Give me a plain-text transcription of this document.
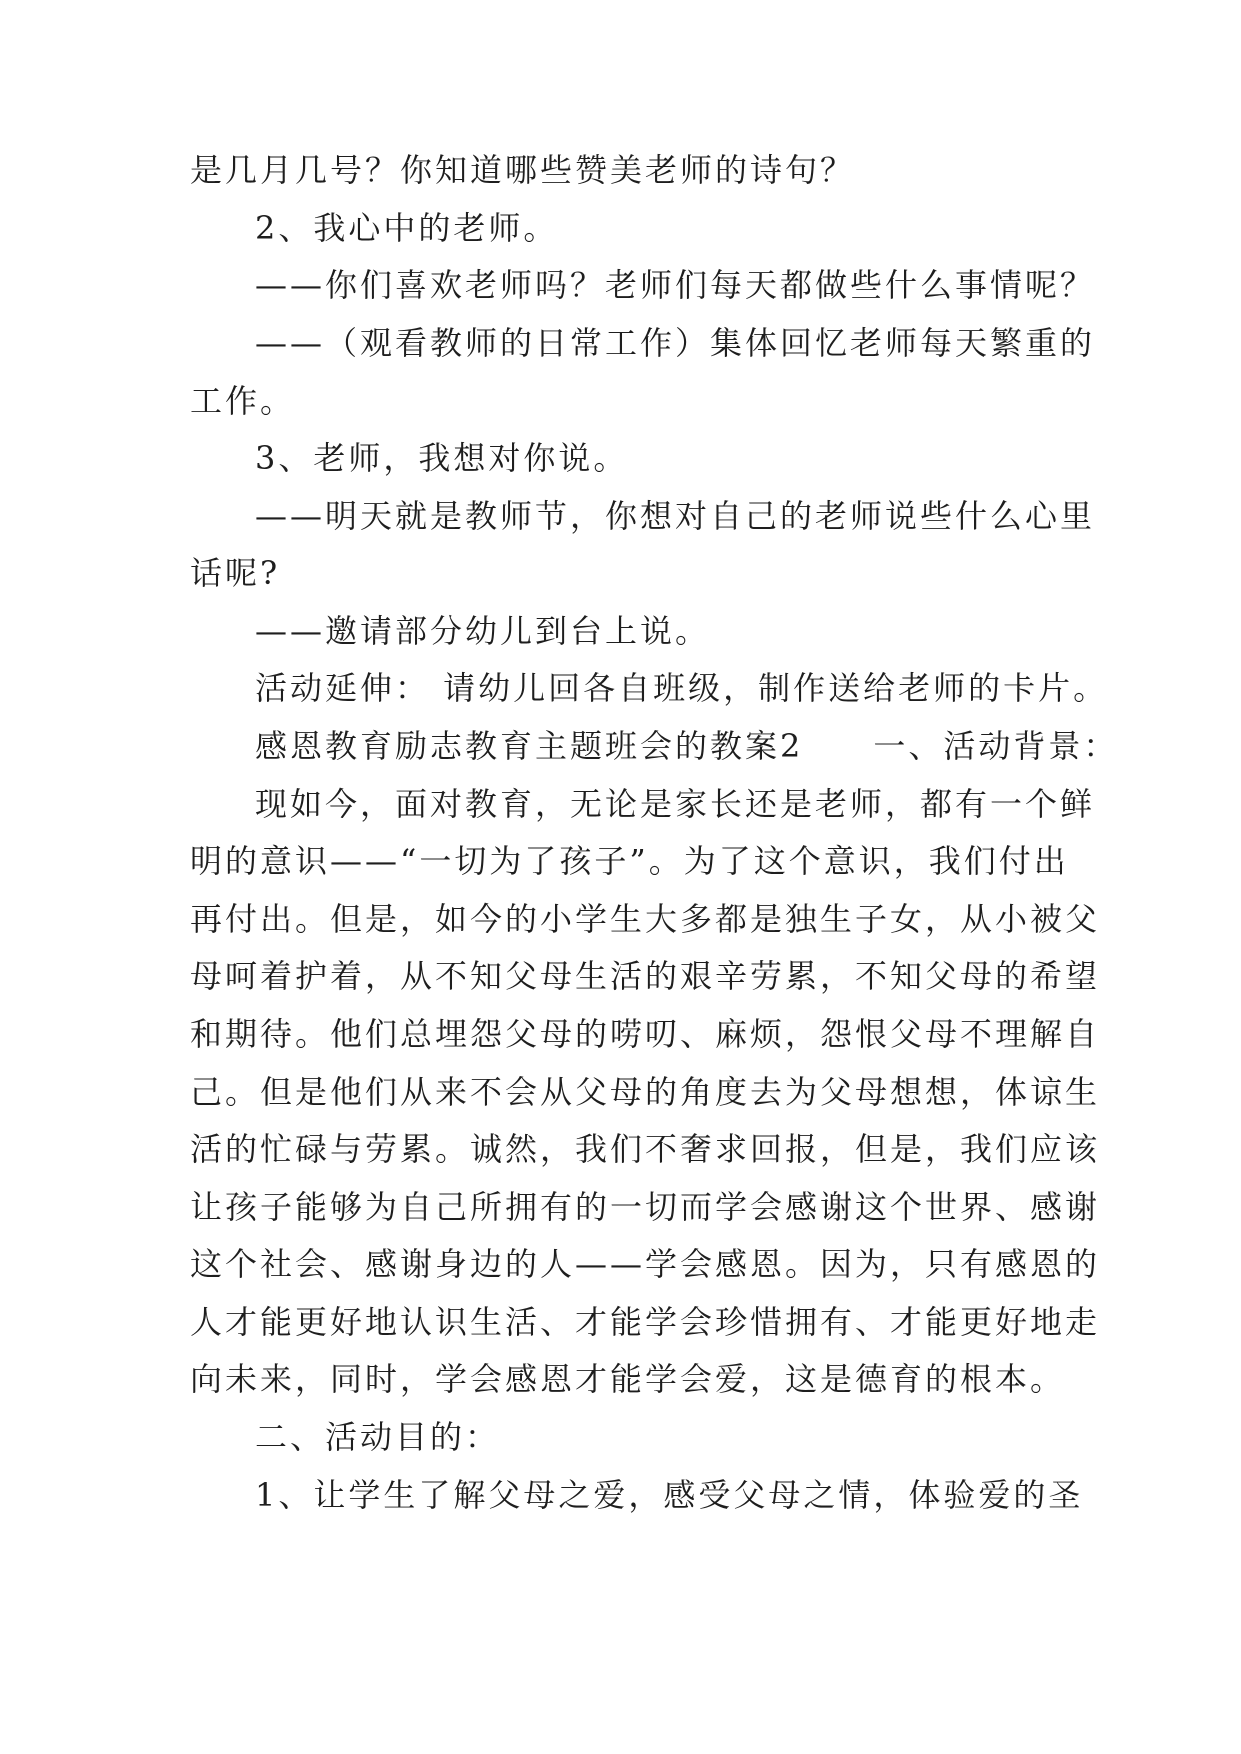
是几月几号？你知道哪些赞美老师的诗句？
2、我心中的老师。
——你们喜欢老师吗？老师们每天都做些什么事情呢？
——（观看教师的日常工作）集体回忆老师每天繁重的
工作。
3、老师，我想对你说。
——明天就是教师节，你想对自己的老师说些什么心里
话呢?
——邀请部分幼儿到台上说。
活动延伸： 请幼儿回各自班级，制作送给老师的卡片。
感恩教育励志教育主题班会的教案2　　一、活动背景：
现如今，面对教育，无论是家长还是老师，都有一个鲜
明的意识——“一切为了孩子”。为了这个意识，我们付出
再付出。但是，如今的小学生大多都是独生子女，从小被父
母呵着护着，从不知父母生活的艰辛劳累，不知父母的希望
和期待。他们总埋怨父母的唠叨、麻烦，怨恨父母不理解自
己。但是他们从来不会从父母的角度去为父母想想，体谅生
活的忙碌与劳累。诚然，我们不奢求回报，但是，我们应该
让孩子能够为自己所拥有的一切而学会感谢这个世界、感谢
这个社会、感谢身边的人——学会感恩。因为，只有感恩的
人才能更好地认识生活、才能学会珍惜拥有、才能更好地走
向未来，同时，学会感恩才能学会爱，这是德育的根本。
二、活动目的：
1、让学生了解父母之爱，感受父母之情，体验爱的圣
